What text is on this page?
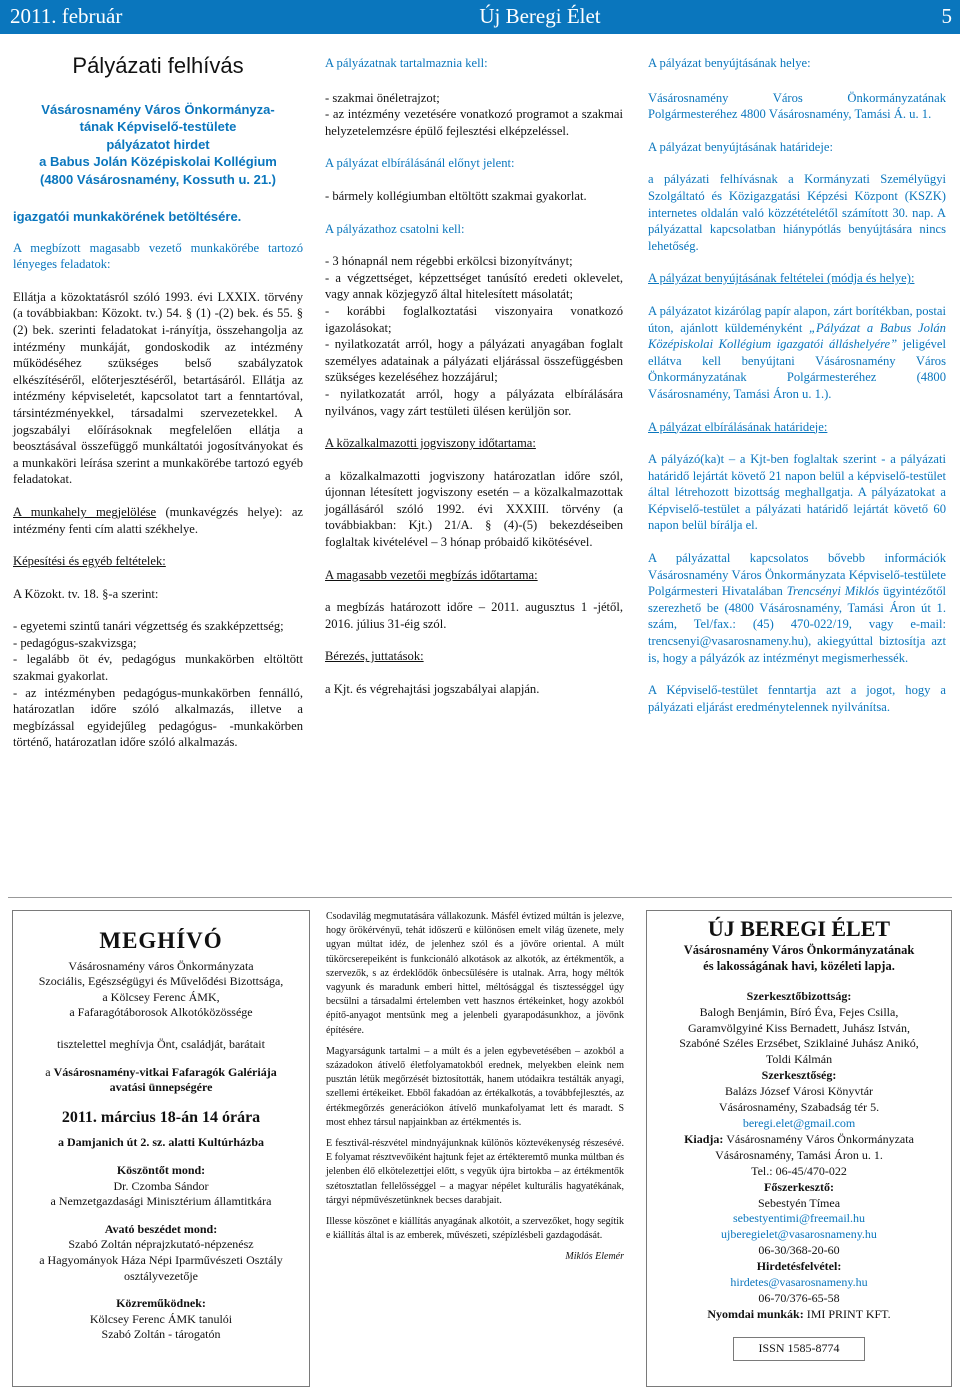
2011. február	Új Beregi Élet	5
Pályázati felhívás
Vásárosnamény Város Önkormányza-
tának Képviselő-testülete
pályázatot hirdet
a Babus Jolán Középiskolai Kollégium
(4800 Vásárosnamény, Kossuth u. 21.)
igazgatói munkakörének betöltésére.
A megbízott magasabb vezető munkakörébe tartozó lényeges feladatok:
Ellátja a közoktatásról szóló 1993. évi LXXIX. törvény (a továbbiakban: Közokt. tv.) 54. § (1) -(2) bek. és 55. § (2) bek. szerinti feladatokat i-rányítja, összehangolja az intézmény munkáját, gondoskodik az intézmény működéséhez szükséges belső szabályzatok elkészítéséről, előterjesztéséről, betartásáról. Ellátja az intézmény képviseletét, kapcsolatot tart a fenntartóval, társintézményekkel, társadalmi szervezetekkel. A jogszabályi előírásoknak megfelelően ellátja a beosztásával összefüggő munkáltatói jogosítványokat és a munkaköri leírása szerint a munkakörébe tartozó egyéb feladatokat.
A munkahely megjelölése (munkavégzés helye): az intézmény fenti cím alatti székhelye.
Képesítési és egyéb feltételek:
A Közokt. tv. 18. §-a szerint:
- egyetemi szintű tanári végzettség és szakképzettség;
- pedagógus-szakvizsga;
- legalább öt év, pedagógus munkakörben eltöltött szakmai gyakorlat.
- az intézményben pedagógus-munkakörben fennálló, határozatlan időre szóló alkalmazás, illetve a megbízással egyidejűleg pedagógus- -munkakörben történő, határozatlan időre szóló alkalmazás.
A pályázatnak tartalmaznia kell:
- szakmai önéletrajzot;
- az intézmény vezetésére vonatkozó programot a szakmai helyzetelemzésre épülő fejlesztési elképzeléssel.
A pályázat elbírálásánál előnyt jelent:
- bármely kollégiumban eltöltött szakmai gyakorlat.
A pályázathoz csatolni kell:
- 3 hónapnál nem régebbi erkölcsi bizonyítványt;
- a végzettséget, képzettséget tanúsító eredeti oklevelet, vagy annak közjegyző által hitelesített másolatát;
- korábbi foglalkoztatási viszonyaira vonatkozó igazolásokat;
- nyilatkozatát arról, hogy a pályázati anyagában foglalt személyes adatainak a pályázati eljárással összefüggésben szükséges kezeléséhez hozzájárul;
- nyilatkozatát arról, hogy a pályázata elbírálására nyilvános, vagy zárt testületi ülésen kerüljön sor.
A közalkalmazotti jogviszony időtartama:
a közalkalmazotti jogviszony határozatlan időre szól, újonnan létesített jogviszony esetén – a közalkalmazottak jogállásáról szóló 1992. évi XXXIII. törvény (a továbbiakban: Kjt.) 21/A. § (4)-(5) bekezdéseiben foglaltak kivételével – 3 hónap próbaidő kikötésével.
A magasabb vezetői megbízás időtartama:
a megbízás határozott időre – 2011. augusztus 1 -jétől, 2016. július 31-éig szól.
Bérezés, juttatások:
a Kjt. és végrehajtási jogszabályai alapján.
A pályázat benyújtásának helye:
Vásárosnamény Város Önkormányzatának Polgármesteréhez 4800 Vásárosnamény, Tamási Á. u. 1.
A pályázat benyújtásának határideje:
a pályázati felhívásnak a Kormányzati Személyügyi Szolgáltató és Közigazgatási Képzési Központ (KSZK) internetes oldalán való közzétételétől számított 30. nap. A pályázattal kapcsolatban hiánypótlás benyújtására nincs lehetőség.
A pályázat benyújtásának feltételei (módja és helye):
A pályázatot kizárólag papír alapon, zárt borítékban, postai úton, ajánlott küldeményként „Pályázat a Babus Jolán Középiskolai Kollégium igazgatói álláshelyére” jeligével ellátva kell benyújtani Vásárosnamény Város Önkormányzatának Polgármesteréhez (4800 Vásárosnamény, Tamási Áron u. 1.).
A pályázat elbírálásának határideje:
A pályázó(ka)t – a Kjt-ben foglaltak szerint - a pályázati határidő lejártát követő 21 napon belül a képviselő-testület által létrehozott bizottság meghallgatja. A pályázatokat a Képviselő-testület a pályázati határidő lejártát követő 60 napon belül bírálja el.
A pályázattal kapcsolatos bővebb információk Vásárosnamény Város Önkormányzata Képviselő-testülete Polgármesteri Hivatalában Trencsényi Miklós ügyintézőtől szerezhető be (4800 Vásárosnamény, Tamási Áron út 1. szám, Tel/fax.: (45) 470-022/19, vagy e-mail: trencsenyi@vasarosnameny.hu), akiegyúttal biztosítja azt is, hogy a pályázók az intézményt megismerhessék.
A Képviselő-testület fenntartja azt a jogot, hogy a pályázati eljárást eredménytelennek nyilvánítsa.
MEGHÍVÓ
Vásárosnamény város Önkormányzata
Szociális, Egészségügyi és Művelődési Bizottsága,
a Kölcsey Ferenc ÁMK,
a Fafaragótáborosok Alkotóközössége
tisztelettel meghívja Önt, családját, barátait
a Vásárosnamény-vitkai Fafaragók Galériája avatási ünnepségére
2011. március 18-án 14 órára
a Damjanich út 2. sz. alatti Kultúrházba
Köszöntőt mond:
Dr. Czomba Sándor
a Nemzetgazdasági Minisztérium államtitkára
Avató beszédet mond:
Szabó Zoltán néprajzkutató-népzenész
a Hagyományok Háza Népi Iparművészeti Osztály
osztályvezetője
Közreműködnek:
Kölcsey Ferenc ÁMK tanulói
Szabó Zoltán - tárogatón

Csodavilág megmutatására vállakozunk. Másfél évtized múltán is jelezve, hogy örökérvényű, tehát időszerű e különösen emelt világ üzenete, mely ugyan múltat idéz, de jelenhez szól és a jövőre oriental. A múlt tükörcserepeiként is funkcionáló alkotások az alkotók, az értékmentők, a szervezők, s az érdeklődők önbecsülésére is utalnak. Arra, hogy méltók vagyunk és maradunk emberi hittel, méltósággal és tisztességgel úgy becsülni a társadalmi értelemben vett hasznos értékeinket, hogy azokból építő-anyagot mentsünk meg a jelenbeli gyarapodásunkhoz, a jövőnk építésére.

Magyarságunk tartalmi – a múlt és a jelen egybevetésében – azokból a századokon átívelő életfolyamatokból erednek, melyekben eleink nem pusztán létük megőrzését biztosították, hanem utódaikra testálták anyagi, szellemi értékeiket. Ebből fakadóan az értékalkotás, a továbbfejlesztés, az értékmegőrzés generációkon átívelő munkafolyamat lett és maradt. S most ehhez társul napjainkban az értékmentés is.

E fesztivál-részvétel mindnyájunknak különös köztevékenység részesévé. E folyamat résztvevőiként hajtunk fejet az értékteremtő munka múltban és jelenben élő elkötelezettjei előtt, s vegyük újra birtokba – az értékmentők szétosztatlan fellelősséggel – a magyar népélet kulturális hagyatékának, tárgyi népművészetünknek becses darabjait.

Illesse köszönet e kiállítás anyagának alkotóit, a szervezőket, hogy segítik e kiállítás által is az emberek, művészeti, szépízlésbeli gazdagodását.

Miklós Elemér
ÚJ BEREGI ÉLET
Vásárosnamény Város Önkormányzatának
és lakosságának havi, közéleti lapja.
Szerkesztőbizottság:
Balogh Benjámin, Bíró Éva, Fejes Csilla,
Garamvölgyiné Kiss Bernadett, Juhász István,
Szabóné Széles Erzsébet, Sziklainé Juhász Anikó,
Toldi Kálmán
Szerkesztőség:
Balázs József Városi Könyvtár
Vásárosnamény, Szabadság tér 5.
beregi.elet@gmail.com
Kiadja: Vásárosnamény Város Önkormányzata
Vásárosnamény, Tamási Áron u. 1.
Tel.: 06-45/470-022
Főszerkesztő:
Sebestyén Tímea
sebestyentimi@freemail.hu
ujberegielet@vasarosnameny.hu
06-30/368-20-60
Hirdetésfelvétel:
hirdetes@vasarosnameny.hu
06-70/376-65-58
Nyomdai munkák: IMI PRINT KFT.
ISSN 1585-8774
